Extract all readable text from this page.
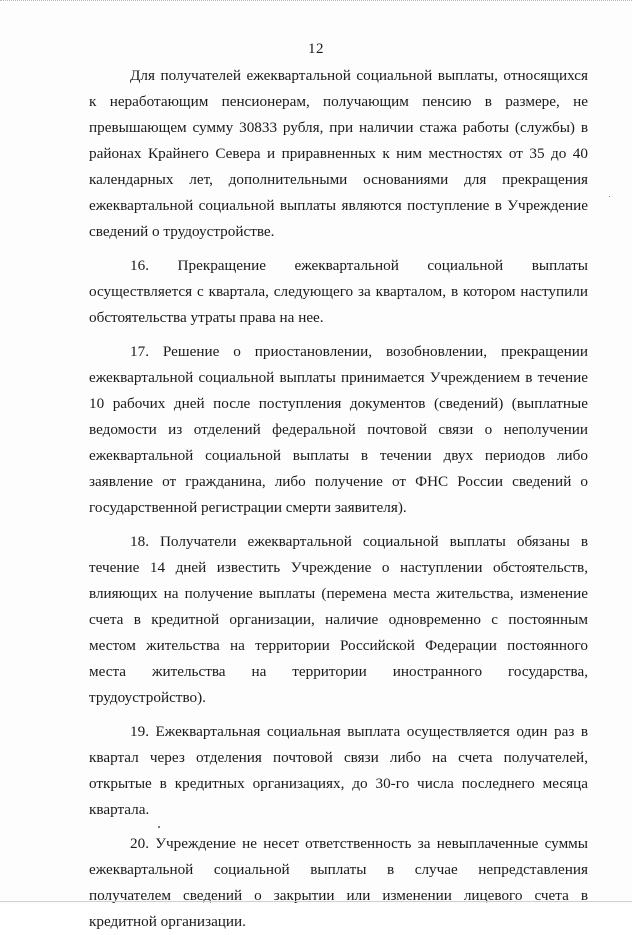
12

Для получателей ежеквартальной социальной выплаты, относящихся к неработающим пенсионерам, получающим пенсию в размере, не превышающем сумму 30833 рубля, при наличии стажа работы (службы) в районах Крайнего Севера и приравненных к ним местностях от 35 до 40 календарных лет, дополнительными основаниями для прекращения ежеквартальной социальной выплаты являются поступление в Учреждение сведений о трудоустройстве.

16. Прекращение ежеквартальной социальной выплаты осуществляется с квартала, следующего за кварталом, в котором наступили обстоятельства утраты права на нее.

17. Решение о приостановлении, возобновлении, прекращении ежеквартальной социальной выплаты принимается Учреждением в течение 10 рабочих дней после поступления документов (сведений) (выплатные ведомости из отделений федеральной почтовой связи о неполучении ежеквартальной социальной выплаты в течении двух периодов либо заявление от гражданина, либо получение от ФНС России сведений о государственной регистрации смерти заявителя).

18. Получатели ежеквартальной социальной выплаты обязаны в течение 14 дней известить Учреждение о наступлении обстоятельств, влияющих на получение выплаты (перемена места жительства, изменение счета в кредитной организации, наличие одновременно с постоянным местом жительства на территории Российской Федерации постоянного места жительства на территории иностранного государства, трудоустройство).

19. Ежеквартальная социальная выплата осуществляется один раз в квартал через отделения почтовой связи либо на счета получателей, открытые в кредитных организациях, до 30-го числа последнего месяца квартала.

20. Учреждение не несет ответственность за невыплаченные суммы ежеквартальной социальной выплаты в случае непредставления получателем сведений о закрытии или изменении лицевого счета в кредитной организации.
